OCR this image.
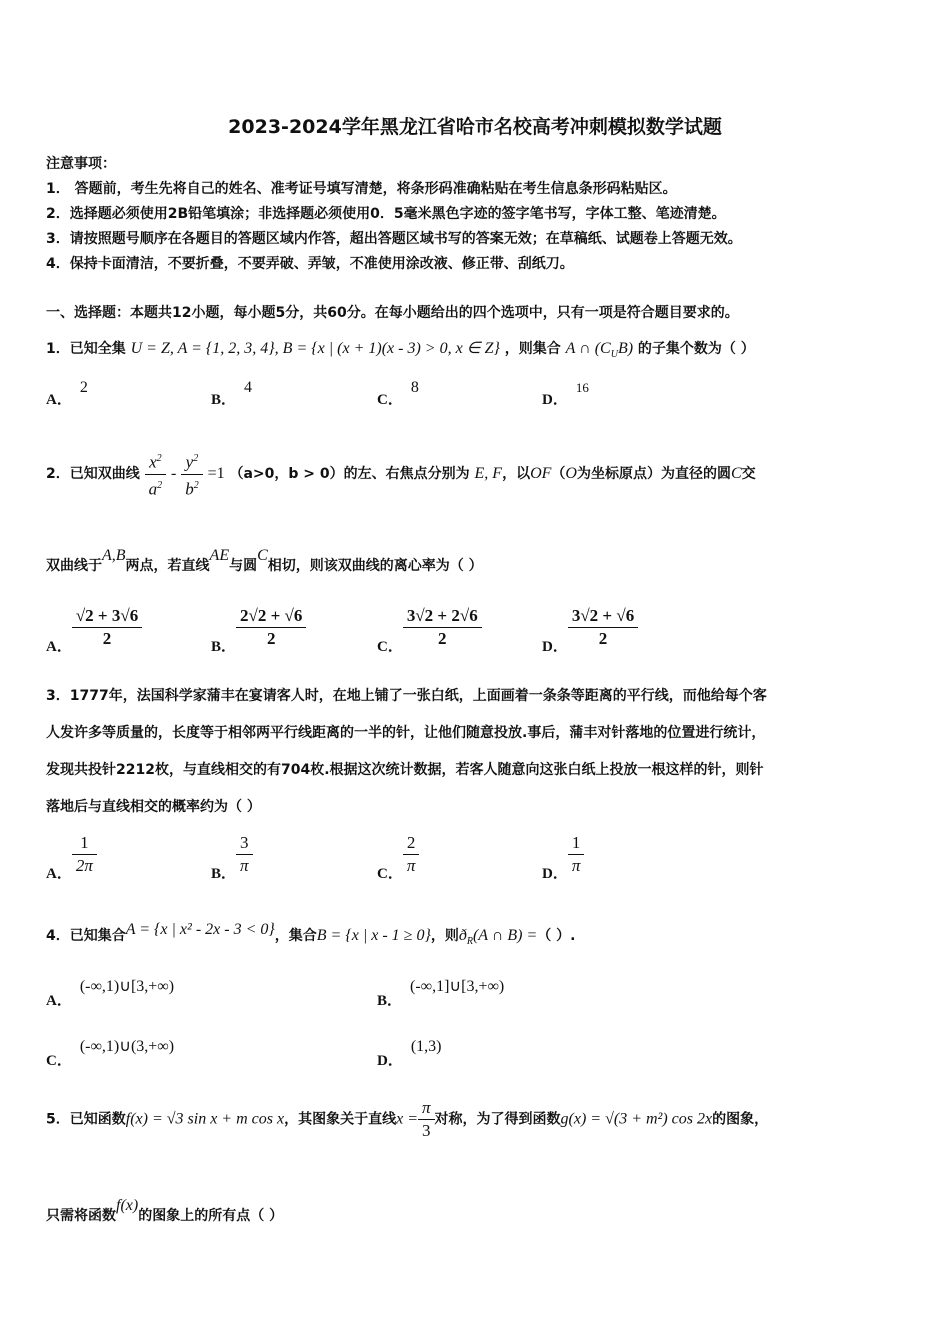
2023-2024学年黑龙江省哈市名校高考冲刺模拟数学试题
注意事项：
1． 答题前，考生先将自己的姓名、准考证号填写清楚，将条形码准确粘贴在考生信息条形码粘贴区。
2．选择题必须使用2B铅笔填涂；非选择题必须使用0．5毫米黑色字迹的签字笔书写，字体工整、笔迹清楚。
3．请按照题号顺序在各题目的答题区域内作答，超出答题区域书写的答案无效；在草稿纸、试题卷上答题无效。
4．保持卡面清洁，不要折叠，不要弄破、弄皱，不准使用涂改液、修正带、刮纸刀。
一、选择题：本题共12小题，每小题5分，共60分。在每小题给出的四个选项中，只有一项是符合题目要求的。
1．已知全集 U = Z, A = {1, 2, 3, 4}, B = {x | (x + 1)(x - 3) > 0, x ∈ Z} ，则集合 A ∩ $(C_UB)$ 的子集个数为（ ）
A．2
B．4
C．8
D．16
2．已知双曲线 $\frac{x^2}{a^2} - \frac{y^2}{b^2} =1$ （a>0，b > 0）的左、右焦点分别为 E, F，以OF（O为坐标原点）为直径的圆C交
双曲线于A,B两点，若直线AE与圆C相切，则该双曲线的离心率为（ ）
A． $\frac{√2 + 3√6}{2}$	B． $\frac{2√2 + √6}{2}$	C． $\frac{3√2 + 2√6}{2}$	D． $\frac{3√2 + √6}{2}$
3．1777年，法国科学家蒲丰在宴请客人时，在地上铺了一张白纸，上面画着一条条等距离的平行线，而他给每个客
人发许多等质量的，长度等于相邻两平行线距离的一半的针，让他们随意投放.事后，蒲丰对针落地的位置进行统计，
发现共投针2212枚，与直线相交的有704枚.根据这次统计数据，若客人随意向这张白纸上投放一根这样的针，则针
落地后与直线相交的概率约为（ ）
A． $\frac{1}{2\pi}$	B． $\frac{3}{\pi}$	C． $\frac{2}{\pi}$	D． $\frac{1}{\pi}$
4．已知集合A = {x | x² - 2x - 3 < 0}，集合B = {x | x - 1 ≥ 0}，则$ð_R(A$ ∩ B) =（ ）.
A．(-∞,1)∪[3,+∞)
B．(-∞,1]∪[3,+∞)
C．(-∞,1)∪(3,+∞)
D．(1,3)
5．已知函数f(x) = √3 sin x + m cos x，其图象关于直线$x = \frac{\pi}{3}$ 对称，为了得到函数g(x) = √(3 + m²) cos 2x的图象，
只需将函数f(x)的图象上的所有点（ ）
